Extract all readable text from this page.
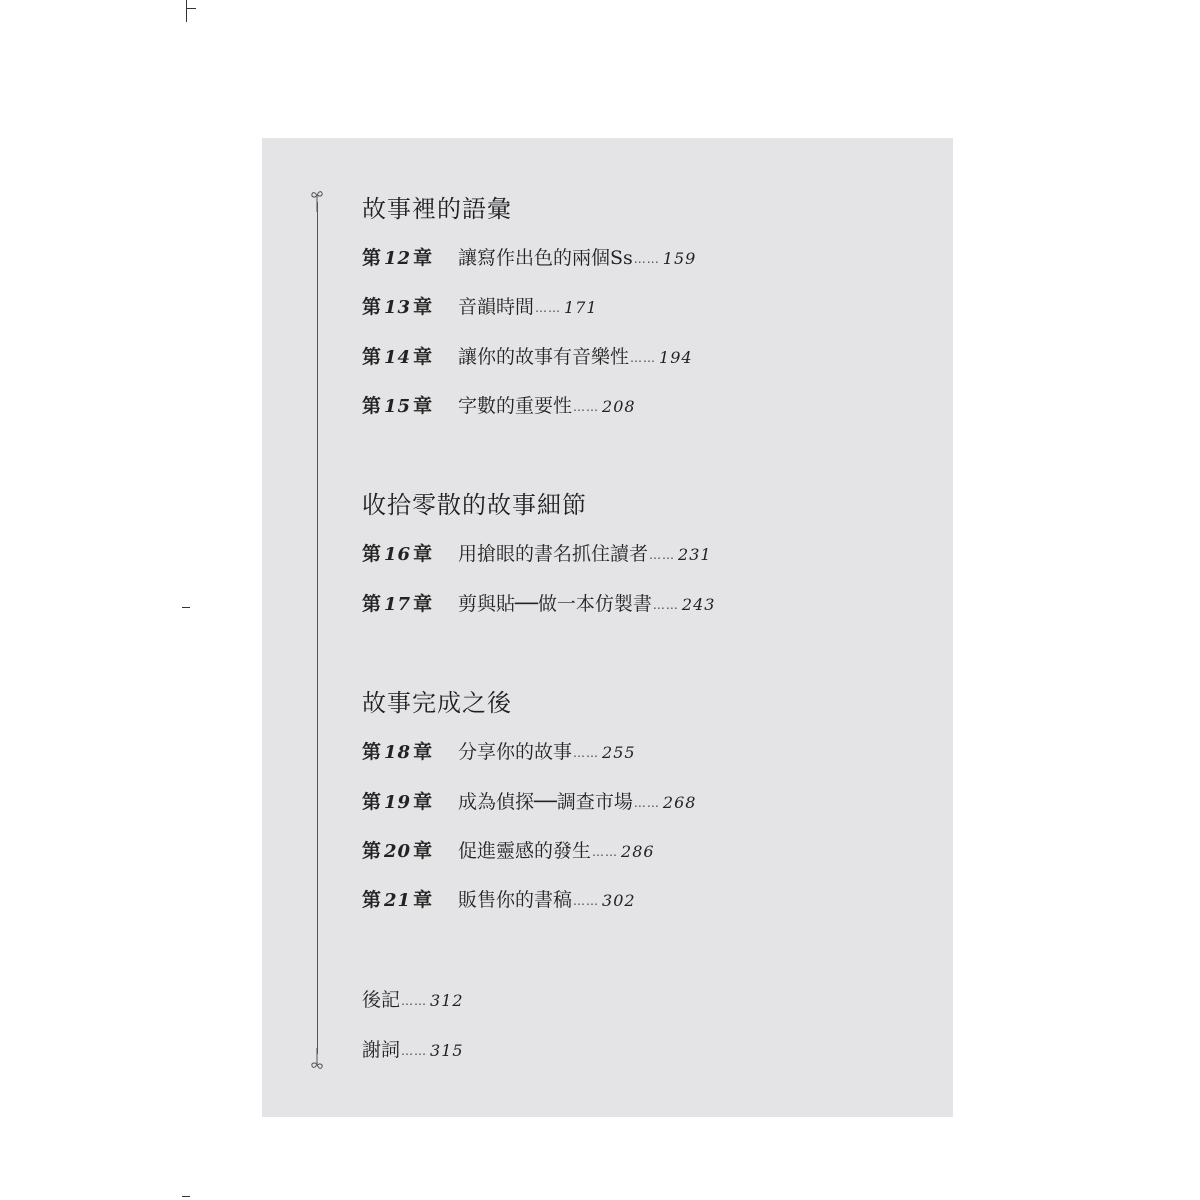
故事裡的語彙
第 12 章 讓寫作出色的兩個Ss…… 159
第 13 章 音韻時間…… 171
第 14 章 讓你的故事有音樂性…… 194
第 15 章 字數的重要性…… 208
收拾零散的故事細節
第 16 章 用搶眼的書名抓住讀者…… 231
第 17 章 剪與貼──做一本仿製書…… 243
故事完成之後
第 18 章 分享你的故事…… 255
第 19 章 成為偵探──調查市場…… 268
第 20 章 促進靈感的發生…… 286
第 21 章 販售你的書稿…… 302
後記…… 312
謝詞…… 315
